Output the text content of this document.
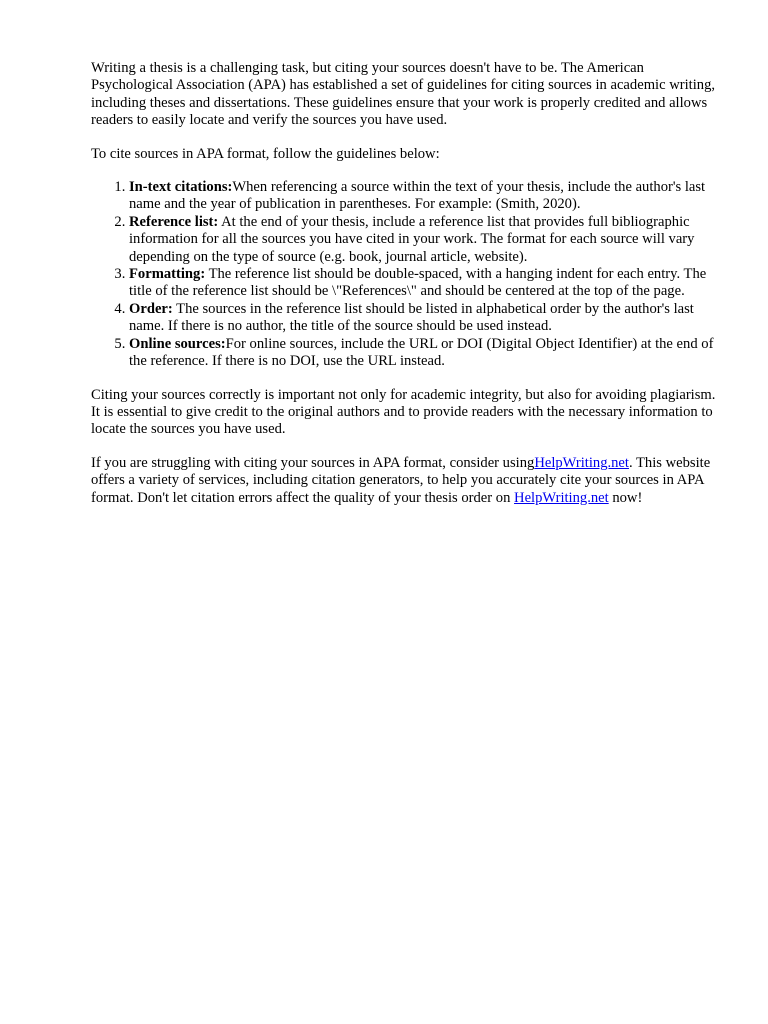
Writing a thesis is a challenging task, but citing your sources doesn't have to be. The American Psychological Association (APA) has established a set of guidelines for citing sources in academic writing, including theses and dissertations. These guidelines ensure that your work is properly credited and allows readers to easily locate and verify the sources you have used.

To cite sources in APA format, follow the guidelines below:

1. In-text citations:When referencing a source within the text of your thesis, include the author's last name and the year of publication in parentheses. For example: (Smith, 2020).
2. Reference list: At the end of your thesis, include a reference list that provides full bibliographic information for all the sources you have cited in your work. The format for each source will vary depending on the type of source (e.g. book, journal article, website).
3. Formatting: The reference list should be double-spaced, with a hanging indent for each entry. The title of the reference list should be \"References\" and should be centered at the top of the page.
4. Order: The sources in the reference list should be listed in alphabetical order by the author's last name. If there is no author, the title of the source should be used instead.
5. Online sources:For online sources, include the URL or DOI (Digital Object Identifier) at the end of the reference. If there is no DOI, use the URL instead.

Citing your sources correctly is important not only for academic integrity, but also for avoiding plagiarism. It is essential to give credit to the original authors and to provide readers with the necessary information to locate the sources you have used.

If you are struggling with citing your sources in APA format, consider usingHelpWriting.net. This website offers a variety of services, including citation generators, to help you accurately cite your sources in APA format. Don't let citation errors affect the quality of your thesis order on HelpWriting.net now!
